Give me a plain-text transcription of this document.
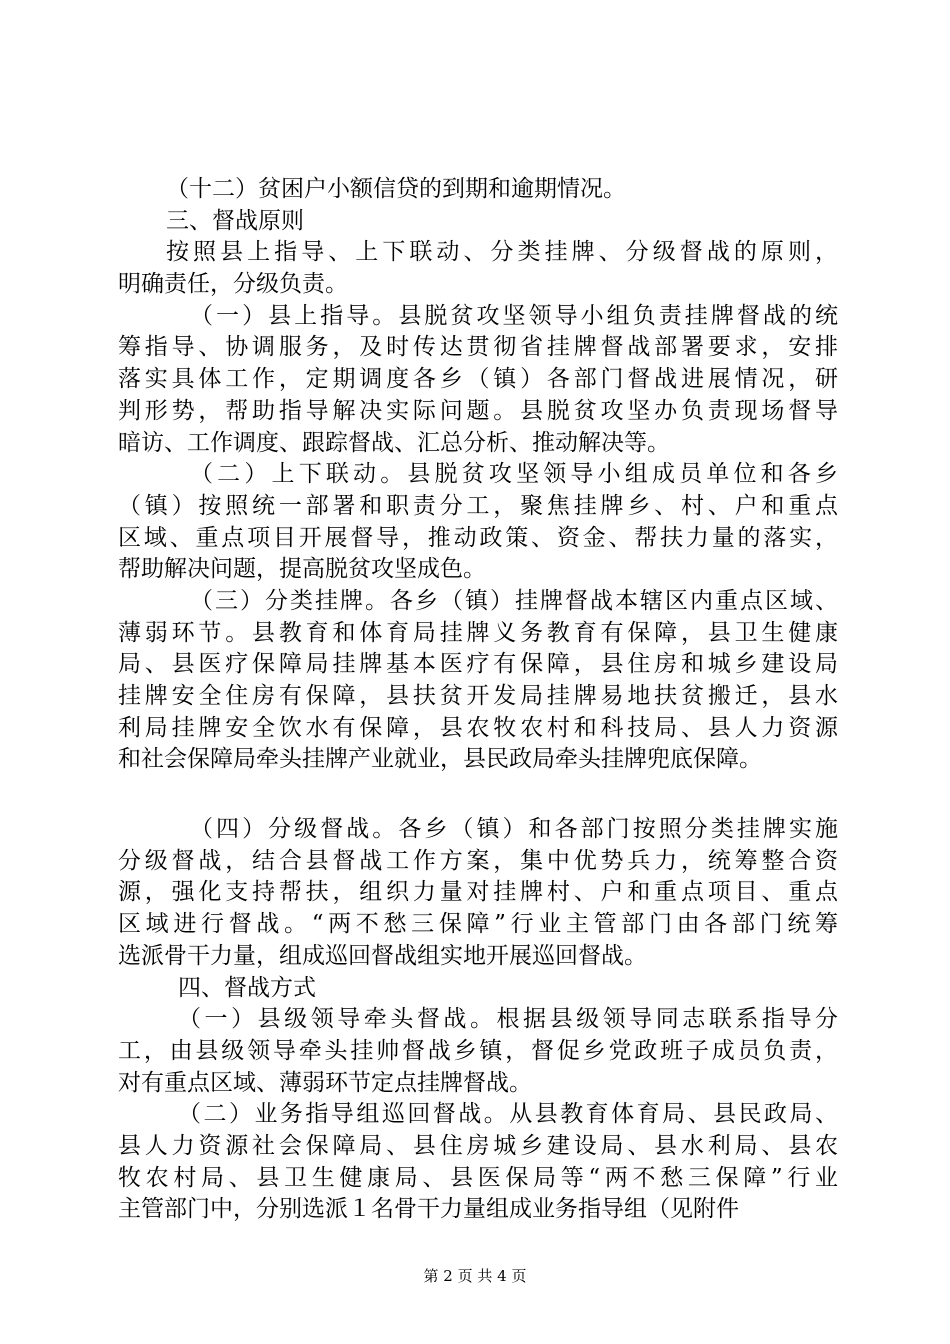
（十二）贫困户小额信贷的到期和逾期情况。
三、督战原则
按照县上指导、上下联动、分类挂牌、分级督战的原则，
明确责任，分级负责。
（一）县上指导。县脱贫攻坚领导小组负责挂牌督战的统
筹指导、协调服务，及时传达贯彻省挂牌督战部署要求，安排
落实具体工作，定期调度各乡（镇）各部门督战进展情况，研
判形势，帮助指导解决实际问题。县脱贫攻坚办负责现场督导
暗访、工作调度、跟踪督战、汇总分析、推动解决等。
（二）上下联动。县脱贫攻坚领导小组成员单位和各乡
（镇）按照统一部署和职责分工，聚焦挂牌乡、村、户和重点
区域、重点项目开展督导，推动政策、资金、帮扶力量的落实，
帮助解决问题，提高脱贫攻坚成色。
（三）分类挂牌。各乡（镇）挂牌督战本辖区内重点区域、
薄弱环节。县教育和体育局挂牌义务教育有保障，县卫生健康
局、县医疗保障局挂牌基本医疗有保障，县住房和城乡建设局
挂牌安全住房有保障，县扶贫开发局挂牌易地扶贫搬迁，县水
利局挂牌安全饮水有保障，县农牧农村和科技局、县人力资源
和社会保障局牵头挂牌产业就业，县民政局牵头挂牌兜底保障。
（四）分级督战。各乡（镇）和各部门按照分类挂牌实施
分级督战，结合县督战工作方案，集中优势兵力，统筹整合资
源，强化支持帮扶，组织力量对挂牌村、户和重点项目、重点
区域进行督战。“两不愁三保障”行业主管部门由各部门统筹
选派骨干力量，组成巡回督战组实地开展巡回督战。
四、督战方式
（一）县级领导牵头督战。根据县级领导同志联系指导分
工，由县级领导牵头挂帅督战乡镇，督促乡党政班子成员负责，
对有重点区域、薄弱环节定点挂牌督战。
（二）业务指导组巡回督战。从县教育体育局、县民政局、
县人力资源社会保障局、县住房城乡建设局、县水利局、县农
牧农村局、县卫生健康局、县医保局等“两不愁三保障”行业
主管部门中，分别选派１名骨干力量组成业务指导组（见附件
第 2 页 共 4 页
